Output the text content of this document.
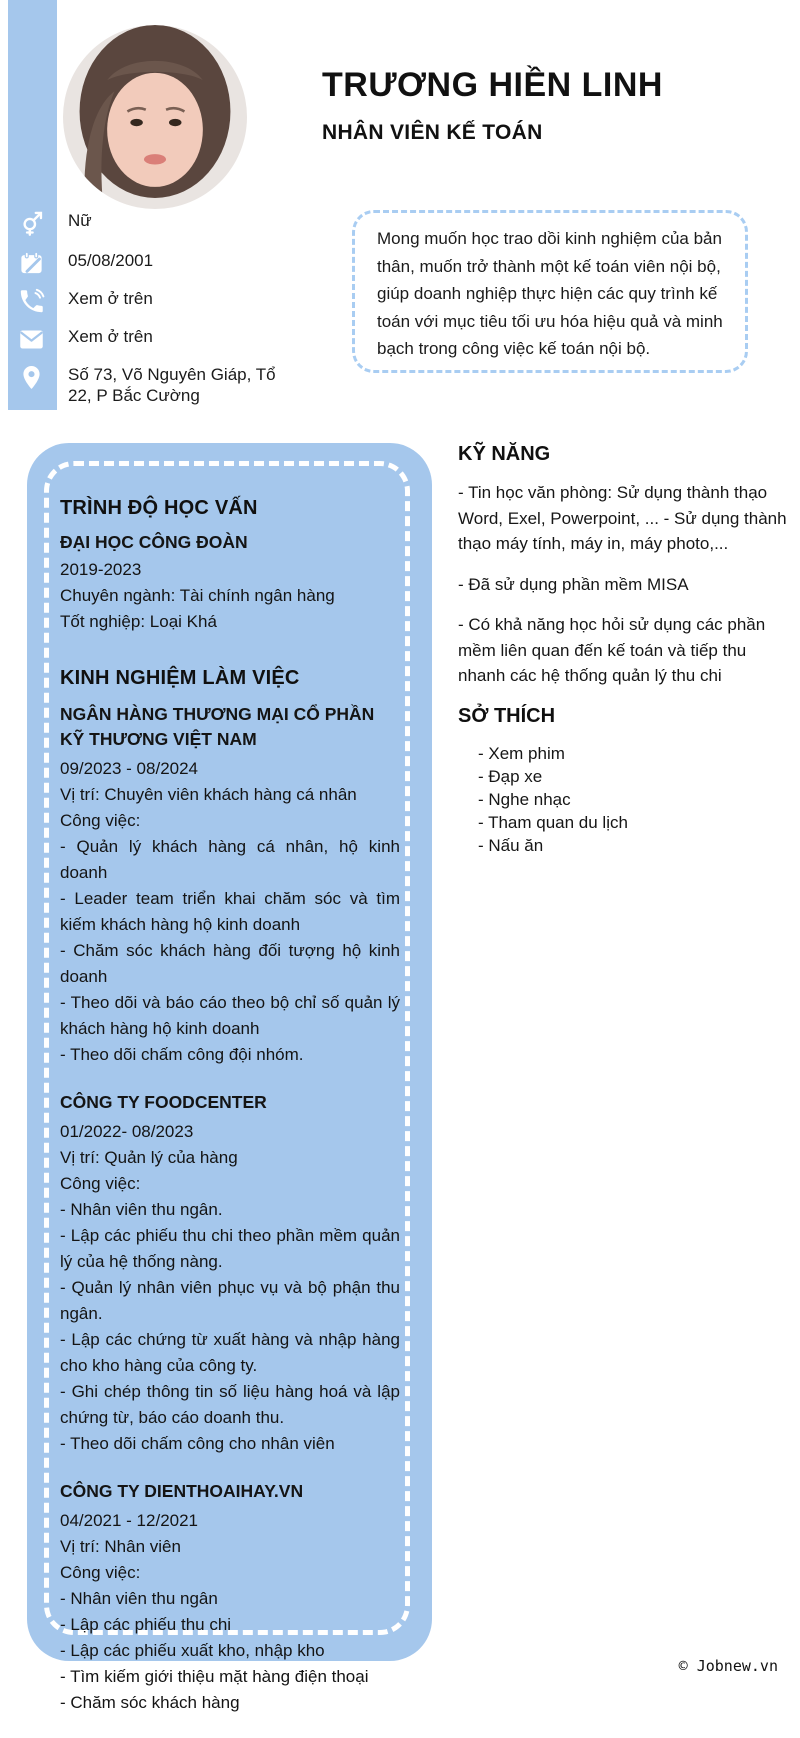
TRƯƠNG HIỀN LINH
NHÂN VIÊN KẾ TOÁN
Nữ
05/08/2001
Xem ở trên
Xem ở trên
Số 73, Võ Nguyên Giáp, Tổ 22, P Bắc Cường

Mong muốn học trao dồi kinh nghiệm của bản thân, muốn trở thành một kế toán viên nội bộ, giúp doanh nghiệp thực hiện các quy trình kế toán với mục tiêu tối ưu hóa hiệu quả và minh bạch trong công việc kế toán nội bộ.

TRÌNH ĐỘ HỌC VẤN
ĐẠI HỌC CÔNG ĐOÀN
2019-2023
Chuyên ngành: Tài chính ngân hàng
Tốt nghiệp: Loại Khá
KINH NGHIỆM LÀM VIỆC
NGÂN HÀNG THƯƠNG MẠI CỔ PHẦN KỸ THƯƠNG VIỆT NAM
09/2023 - 08/2024
Vị trí: Chuyên viên khách hàng cá nhân
Công việc:

- Quản lý khách hàng cá nhân, hộ kinh doanh

- Leader team triển khai chăm sóc và tìm kiếm khách hàng hộ kinh doanh

- Chăm sóc khách hàng đối tượng hộ kinh doanh

- Theo dõi và báo cáo theo bộ chỉ số quản lý khách hàng hộ kinh doanh

- Theo dõi chấm công đội nhóm.

CÔNG TY FOODCENTER
01/2022- 08/2023
Vị trí: Quản lý của hàng
Công việc:

- Nhân viên thu ngân.

- Lập các phiếu thu chi theo phần mềm quản lý của hệ thống nàng.

- Quản lý nhân viên phục vụ và bộ phận thu ngân.

- Lập các chứng từ xuất hàng và nhập hàng cho kho hàng của công ty.

- Ghi chép thông tin số liệu hàng hoá và lập chứng từ, báo cáo doanh thu.

- Theo dõi chấm công cho nhân viên

CÔNG TY DIENTHOAIHAY.VN
04/2021 - 12/2021
Vị trí: Nhân viên
Công việc:

- Nhân viên thu ngân

- Lập các phiếu thu chi

- Lập các phiếu xuất kho, nhập kho

- Tìm kiếm giới thiệu mặt hàng điện thoại

- Chăm sóc khách hàng

KỸ NĂNG

- Tin học văn phòng: Sử dụng thành thạo Word, Exel, Powerpoint, ... - Sử dụng thành thạo máy tính, máy in, máy photo,...

- Đã sử dụng phần mềm MISA

- Có khả năng học hỏi sử dụng các phần mềm liên quan đến kế toán và tiếp thu nhanh các hệ thống quản lý thu chi

SỞ THÍCH
- Xem phim
- Đạp xe
- Nghe nhạc
- Tham quan du lịch
- Nấu ăn
© Jobnew.vn
